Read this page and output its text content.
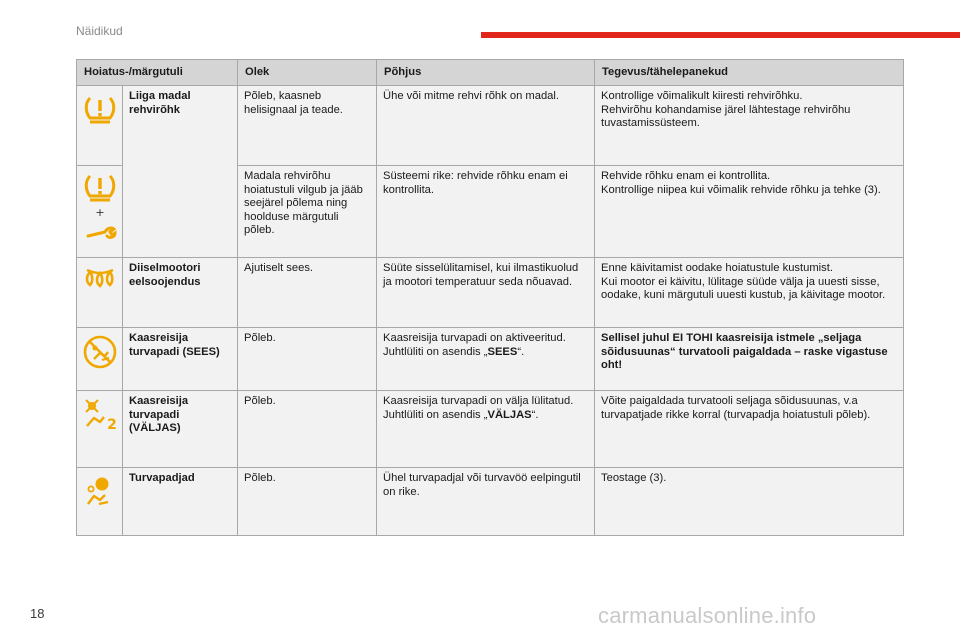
Näidikud
Hoiatus-/märgutuli		Olek	Põhjus	Tegevus/tähelepanekud

	Liiga madal rehvirõhk	Põleb, kaasneb helisignaal ja teade.	Ühe või mitme rehvi rõhk on madal.	Kontrollige võimalikult kiiresti rehvirõhku.
Rehvirõhu kohandamise järel lähtestage rehvirõhu tuvastamissüsteem.

+		Madala rehvirõhu hoiatustuli vilgub ja jääb seejärel põlema ning hoolduse märgutuli põleb.	Süsteemi rike: rehvide rõhku enam ei kontrollita.	Rehvide rõhku enam ei kontrollita.
Kontrollige niipea kui võimalik rehvide rõhku ja tehke (3).

	Diiselmootori eelsoojendus	Ajutiselt sees.	Süüte sisselülitamisel, kui ilmastikuolud ja mootori temperatuur seda nõuavad.	Enne käivitamist oodake hoiatustule kustumist.
Kui mootor ei käivitu, lülitage süüde välja ja uuesti sisse, oodake, kuni märgutuli uuesti kustub, ja käivitage mootor.

	Kaasreisija turvapadi (SEES)	Põleb.	Kaasreisija turvapadi on aktiveeritud.
Juhtlüliti on asendis „SEES“.	Sellisel juhul EI TOHI kaasreisija istmele „seljaga sõidusuunas“ turvatooli paigaldada – raske vigastuse oht!

2	Kaasreisija turvapadi (VÄLJAS)	Põleb.	Kaasreisija turvapadi on välja lülitatud.
Juhtlüliti on asendis „VÄLJAS“.	Võite paigaldada turvatooli seljaga sõidusuunas, v.a turvapatjade rikke korral (turvapadja hoiatustuli põleb).

	Turvapadjad	Põleb.	Ühel turvapadjal või turvavöö eelpingutil on rike.	Teostage (3).
18	carmanualsonline.info
